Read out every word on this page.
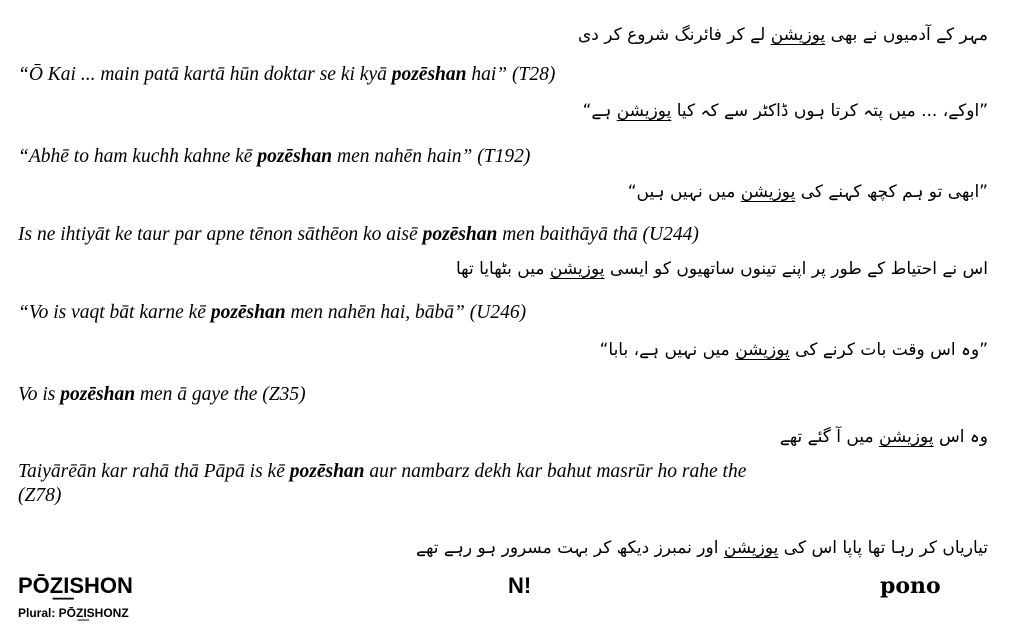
مہر کے آدمیوں نے بھی پوزیشن لے کر فائرنگ شروع کر دی
“Ō Kai ... main patā kartā hūn doktar se ki kyā pozēshan hai” (T28)
”اوکے، ... میں پتہ کرتا ہوں ڈاکٹر سے کہ کیا پوزیشن ہے“
“Abhē to ham kuchh kahne kē pozēshan men nahēn hain” (T192)
”ابھی تو ہم کچھ کہنے کی پوزیشن میں نہیں ہیں“
Is ne ihtiyāt ke taur par apne tēnon sāthēon ko aisē pozēshan men baithāyā thā (U244)
اس نے احتیاط کے طور پر اپنے تینوں ساتھیوں کو ایسی پوزیشن میں بٹھایا تھا
“Vo is vaqt bāt karne kē pozēshan men nahēn hai, bābā” (U246)
”وہ اس وقت بات کرنے کی پوزیشن میں نہیں ہے، بابا“
Vo is pozēshan men ā gaye the (Z35)
وہ اس پوزیشن میں آ گئے تھے
Taiyārēān kar rahā thā Pāpā is kē pozēshan aur nambarz dekh kar bahut masrūr ho rahe the
(Z78)
تیاریاں کر رہا تھا پاپا اس کی پوزیشن اور نمبرز دیکھ کر بہت مسرور ہو رہے تھے
PŌZ͟ISHON
Plural: PŌZ͟ISHONZ
N!	pono
